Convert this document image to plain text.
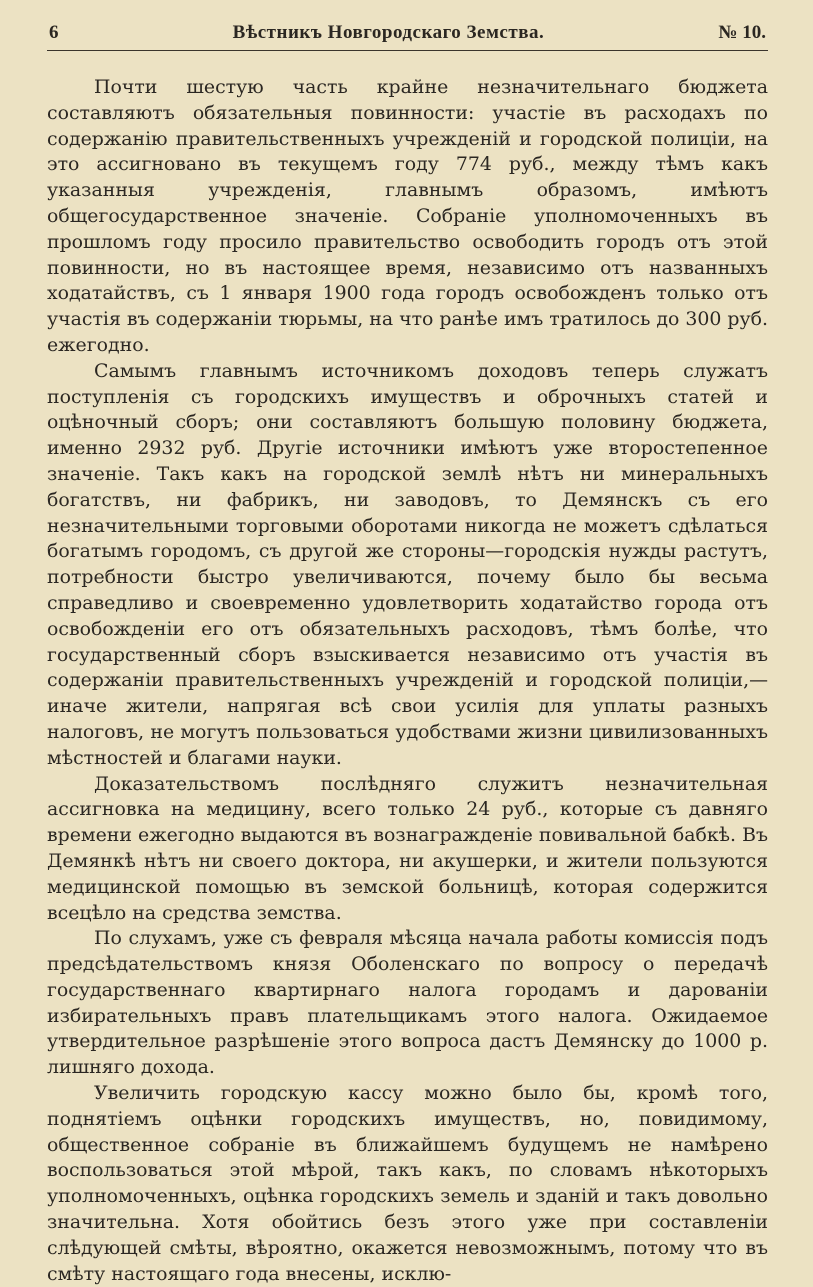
6	Вѣстникъ Новгородскаго Земства.	№ 10.

Почти шестую часть крайне незначительнаго бюджета составляютъ обязательныя повинности: участіе въ расходахъ по содержанію правительственныхъ учрежденій и городской полиціи, на это ассигновано въ текущемъ году 774 руб., между тѣмъ какъ указанныя учрежденія, главнымъ образомъ, имѣютъ общегосударственное значеніе. Собраніе уполномоченныхъ въ прошломъ году просило правительство освободить городъ отъ этой повинности, но въ настоящее время, независимо отъ названныхъ ходатайствъ, съ 1 января 1900 года городъ освобожденъ только отъ участія въ содержаніи тюрьмы, на что ранѣе имъ тратилось до 300 руб. ежегодно.

Самымъ главнымъ источникомъ доходовъ теперь служатъ поступленія съ городскихъ имуществъ и оброчныхъ статей и оцѣночный сборъ; они составляютъ большую половину бюджета, именно 2932 руб. Другіе источники имѣютъ уже второстепенное значеніе. Такъ какъ на городской землѣ нѣтъ ни минеральныхъ богатствъ, ни фабрикъ, ни заводовъ, то Демянскъ съ его незначительными торговыми оборотами никогда не можетъ сдѣлаться богатымъ городомъ, съ другой же стороны—городскія нужды растутъ, потребности быстро увеличиваются, почему было бы весьма справедливо и своевременно удовлетворить ходатайство города отъ освобожденіи его отъ обязательныхъ расходовъ, тѣмъ болѣе, что государственный сборъ взыскивается независимо отъ участія въ содержаніи правительственныхъ учрежденій и городской полиціи,—иначе жители, напрягая всѣ свои усилія для уплаты разныхъ налоговъ, не могутъ пользоваться удобствами жизни цивилизованныхъ мѣстностей и благами науки.

Доказательствомъ послѣдняго служитъ незначительная ассигновка на медицину, всего только 24 руб., которые съ давняго времени ежегодно выдаются въ вознагражденіе повивальной бабкѣ. Въ Демянкѣ нѣтъ ни своего доктора, ни акушерки, и жители пользуются медицинской помощью въ земской больницѣ, которая содержится всецѣло на средства земства.

По слухамъ, уже съ февраля мѣсяца начала работы комиссія подъ предсѣдательствомъ князя Оболенскаго по вопросу о передачѣ государственнаго квартирнаго налога городамъ и дарованіи избирательныхъ правъ плательщикамъ этого налога. Ожидаемое утвердительное разрѣшеніе этого вопроса дастъ Демянску до 1000 р. лишняго дохода.

Увеличить городскую кассу можно было бы, кромѣ того, поднятіемъ оцѣнки городскихъ имуществъ, но, повидимому, общественное собраніе въ ближайшемъ будущемъ не намѣрено воспользоваться этой мѣрой, такъ какъ, по словамъ нѣкоторыхъ уполномоченныхъ, оцѣнка городскихъ земель и зданій и такъ довольно значительна. Хотя обойтись безъ этого уже при составленіи слѣдующей смѣты, вѣроятно, окажется невозможнымъ, потому что въ смѣту настоящаго года внесены, исклю-
